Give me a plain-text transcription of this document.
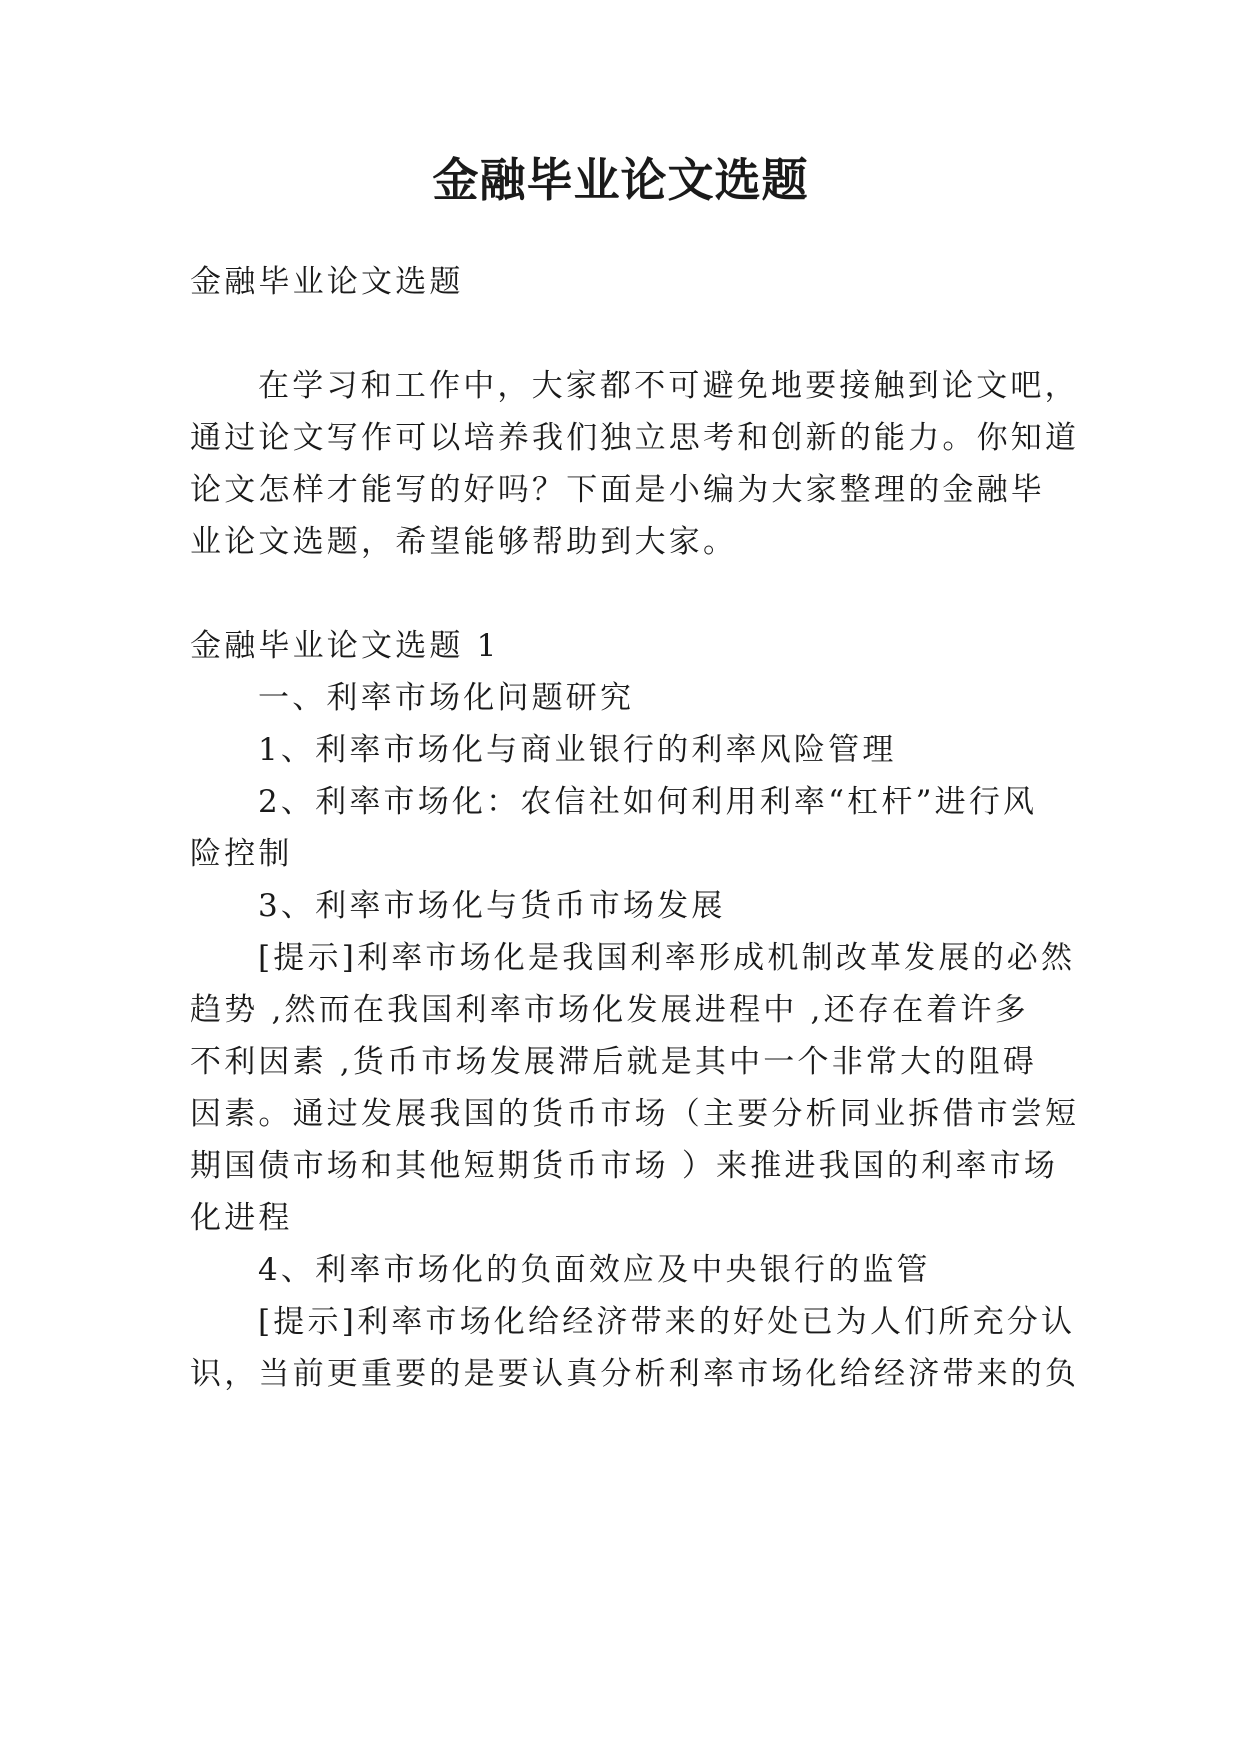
金融毕业论文选题
金融毕业论文选题
在学习和工作中，大家都不可避免地要接触到论文吧，
通过论文写作可以培养我们独立思考和创新的能力。你知道
论文怎样才能写的好吗？下面是小编为大家整理的金融毕
业论文选题，希望能够帮助到大家。
金融毕业论文选题 1
一、利率市场化问题研究
1、利率市场化与商业银行的利率风险管理
2、利率市场化：农信社如何利用利率“杠杆”进行风
险控制
3、利率市场化与货币市场发展
[提示]利率市场化是我国利率形成机制改革发展的必然
趋势 ,然而在我国利率市场化发展进程中 ,还存在着许多
不利因素 ,货币市场发展滞后就是其中一个非常大的阻碍
因素。通过发展我国的货币市场（主要分析同业拆借市尝短
期国债市场和其他短期货币市场 ）来推进我国的利率市场
化进程
4、利率市场化的负面效应及中央银行的监管
[提示]利率市场化给经济带来的好处已为人们所充分认
识，当前更重要的是要认真分析利率市场化给经济带来的负
